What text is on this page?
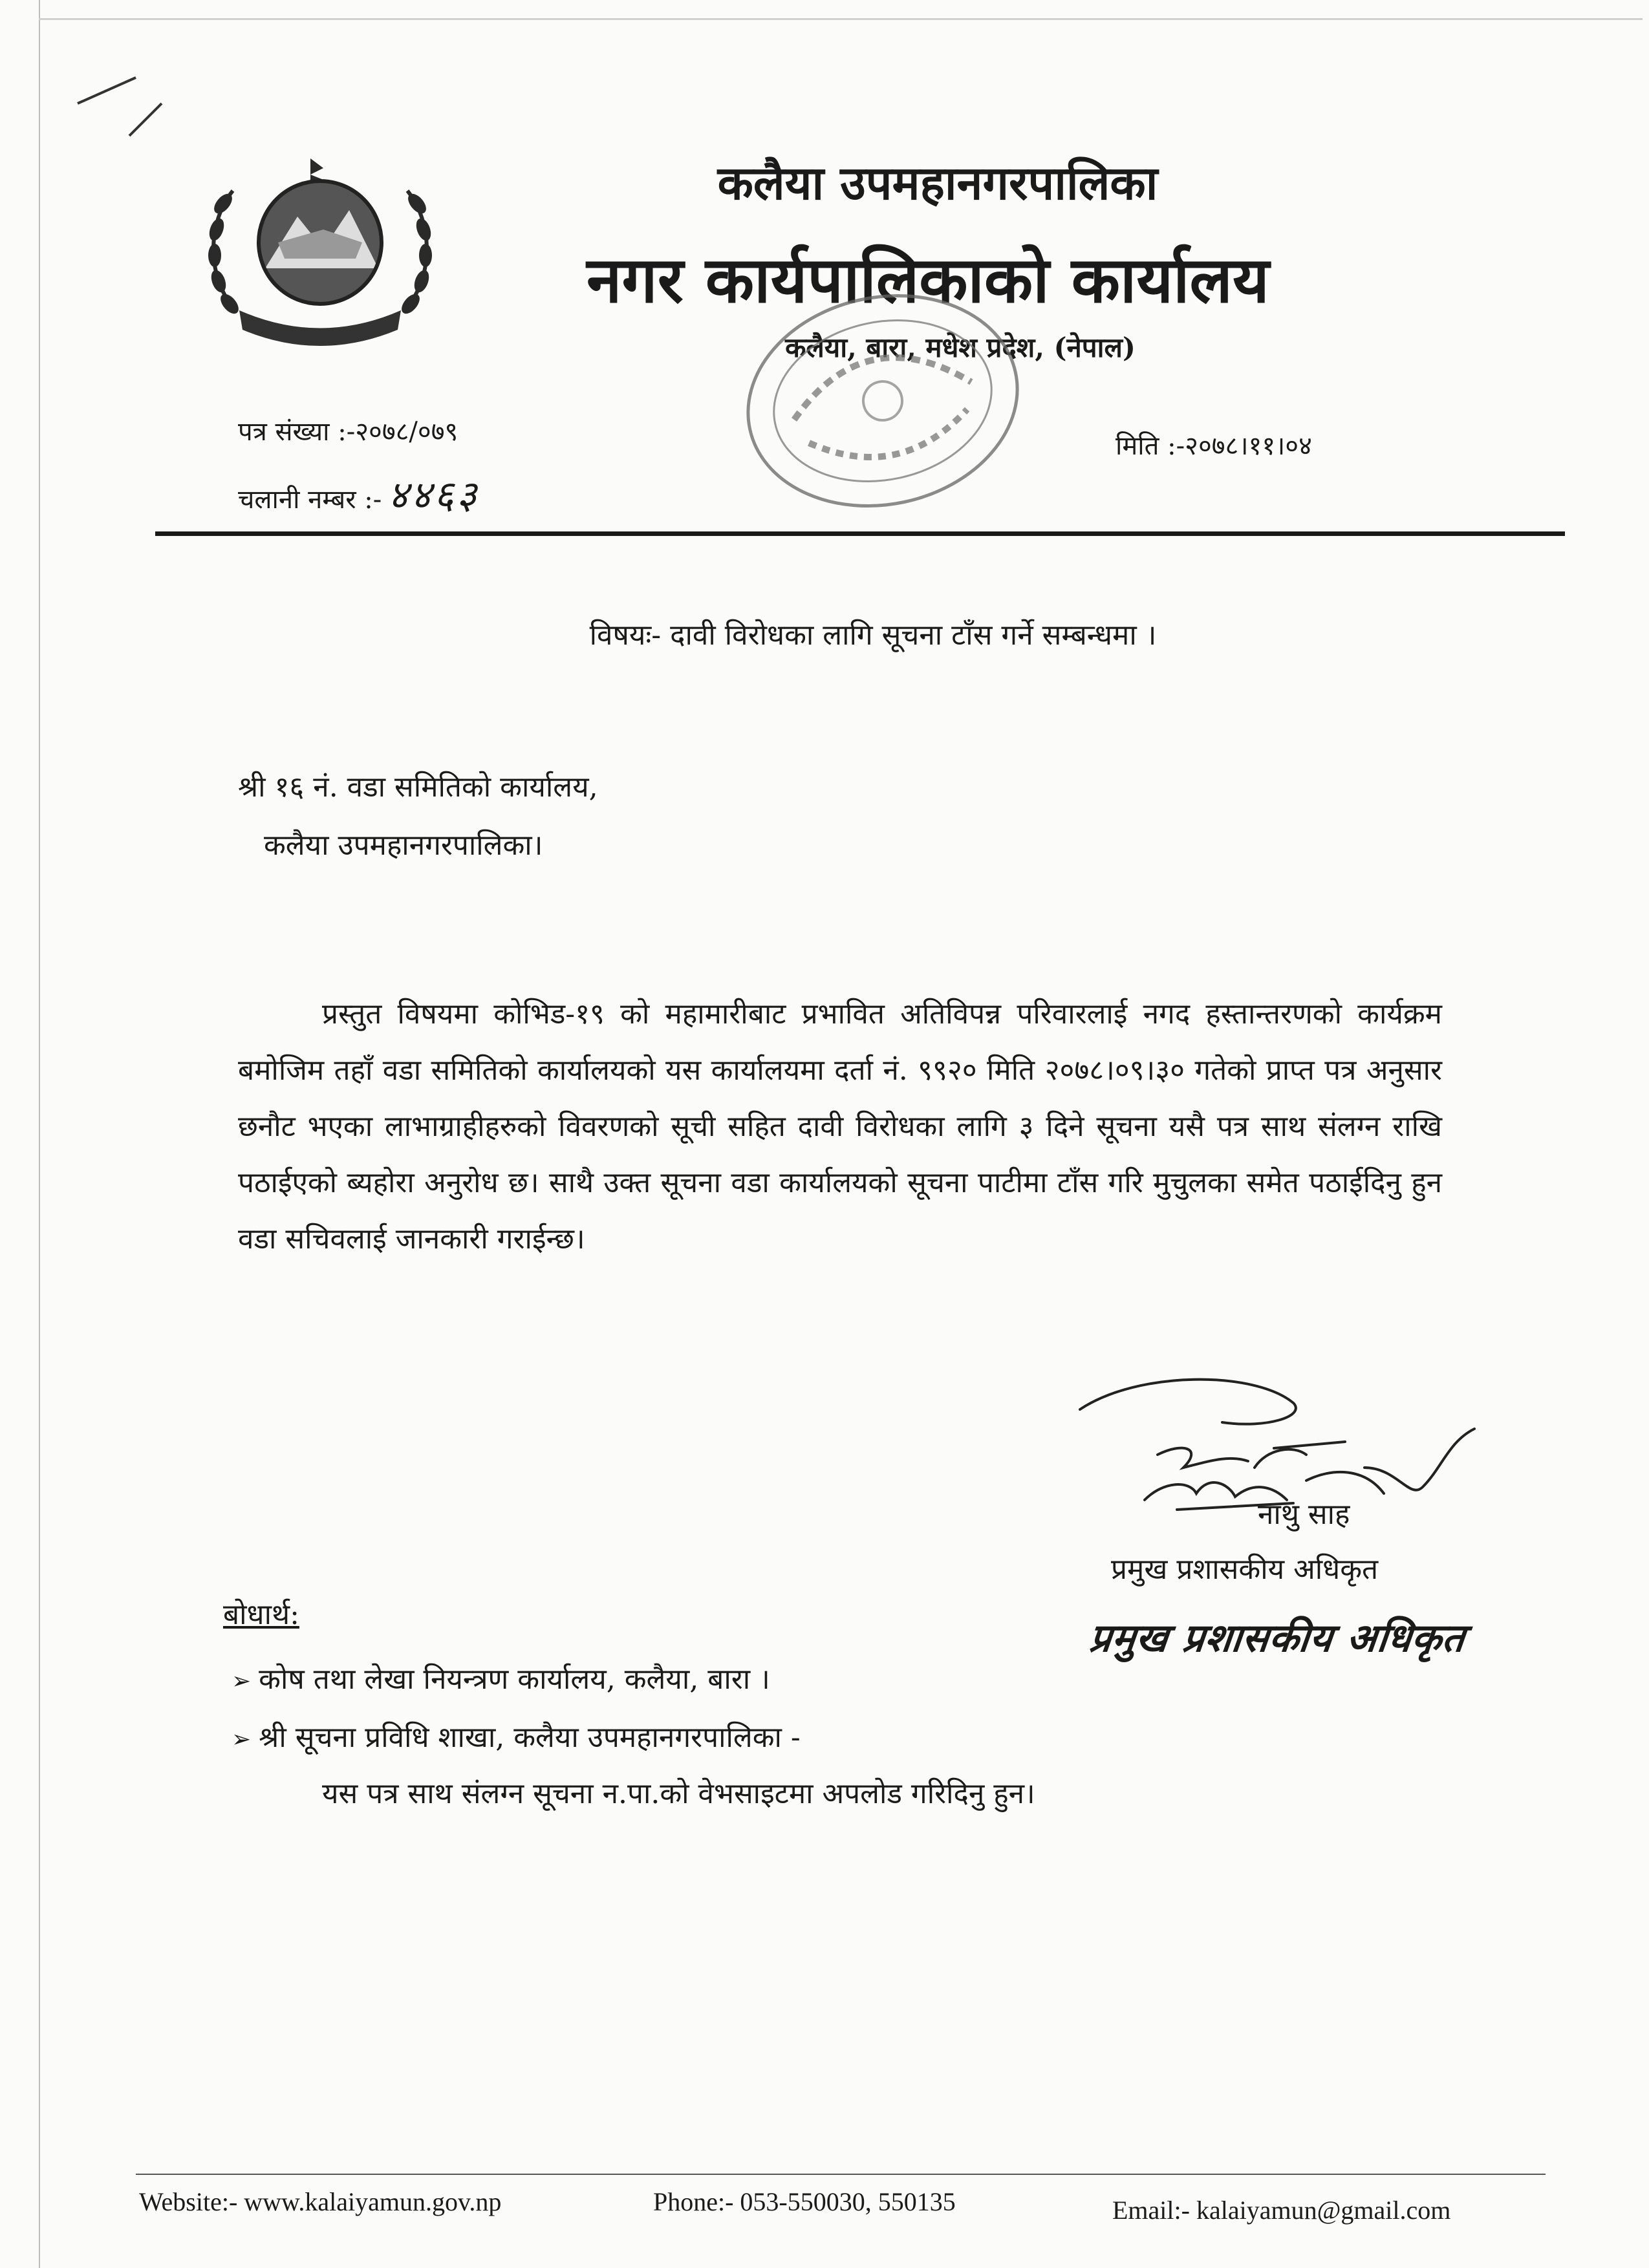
कलैया उपमहानगरपालिका
नगर कार्यपालिकाको कार्यालय
कलैया, बारा, मधेश प्रदेश, (नेपाल)
पत्र संख्या :-२०७८/०७९
चलानी नम्बर :- ४४६३
मिति :-२०७८।११।०४
विषयः- दावी विरोधका लागि सूचना टाँस गर्ने सम्बन्धमा ।
श्री १६ नं. वडा समितिको कार्यालय,
कलैया उपमहानगरपालिका।
प्रस्तुत विषयमा कोभिड-१९ को महामारीबाट प्रभावित अतिविपन्न परिवारलाई नगद हस्तान्तरणको कार्यक्रम बमोजिम तहाँ वडा समितिको कार्यालयको यस कार्यालयमा दर्ता नं. ९९२० मिति २०७८।०९।३० गतेको प्राप्त पत्र अनुसार छनौट भएका लाभाग्राहीहरुको विवरणको सूची सहित दावी विरोधका लागि ३ दिने सूचना यसै पत्र साथ संलग्न राखि पठाईएको ब्यहोरा अनुरोध छ। साथै उक्त सूचना वडा कार्यालयको सूचना पाटीमा टाँस गरि मुचुलका समेत पठाईदिनु हुन वडा सचिवलाई जानकारी गराईन्छ।
नाथु साह
प्रमुख प्रशासकीय अधिकृत
प्रमुख प्रशासकीय अधिकृत
बोधार्थ:
➢ कोष तथा लेखा नियन्त्रण कार्यालय, कलैया, बारा ।
➢ श्री सूचना प्रविधि शाखा, कलैया उपमहानगरपालिका -
यस पत्र साथ संलग्न सूचना न.पा.को वेभसाइटमा अपलोड गरिदिनु हुन।
Website:- www.kalaiyamun.gov.np	Phone:- 053-550030, 550135	Email:- kalaiyamun@gmail.com
